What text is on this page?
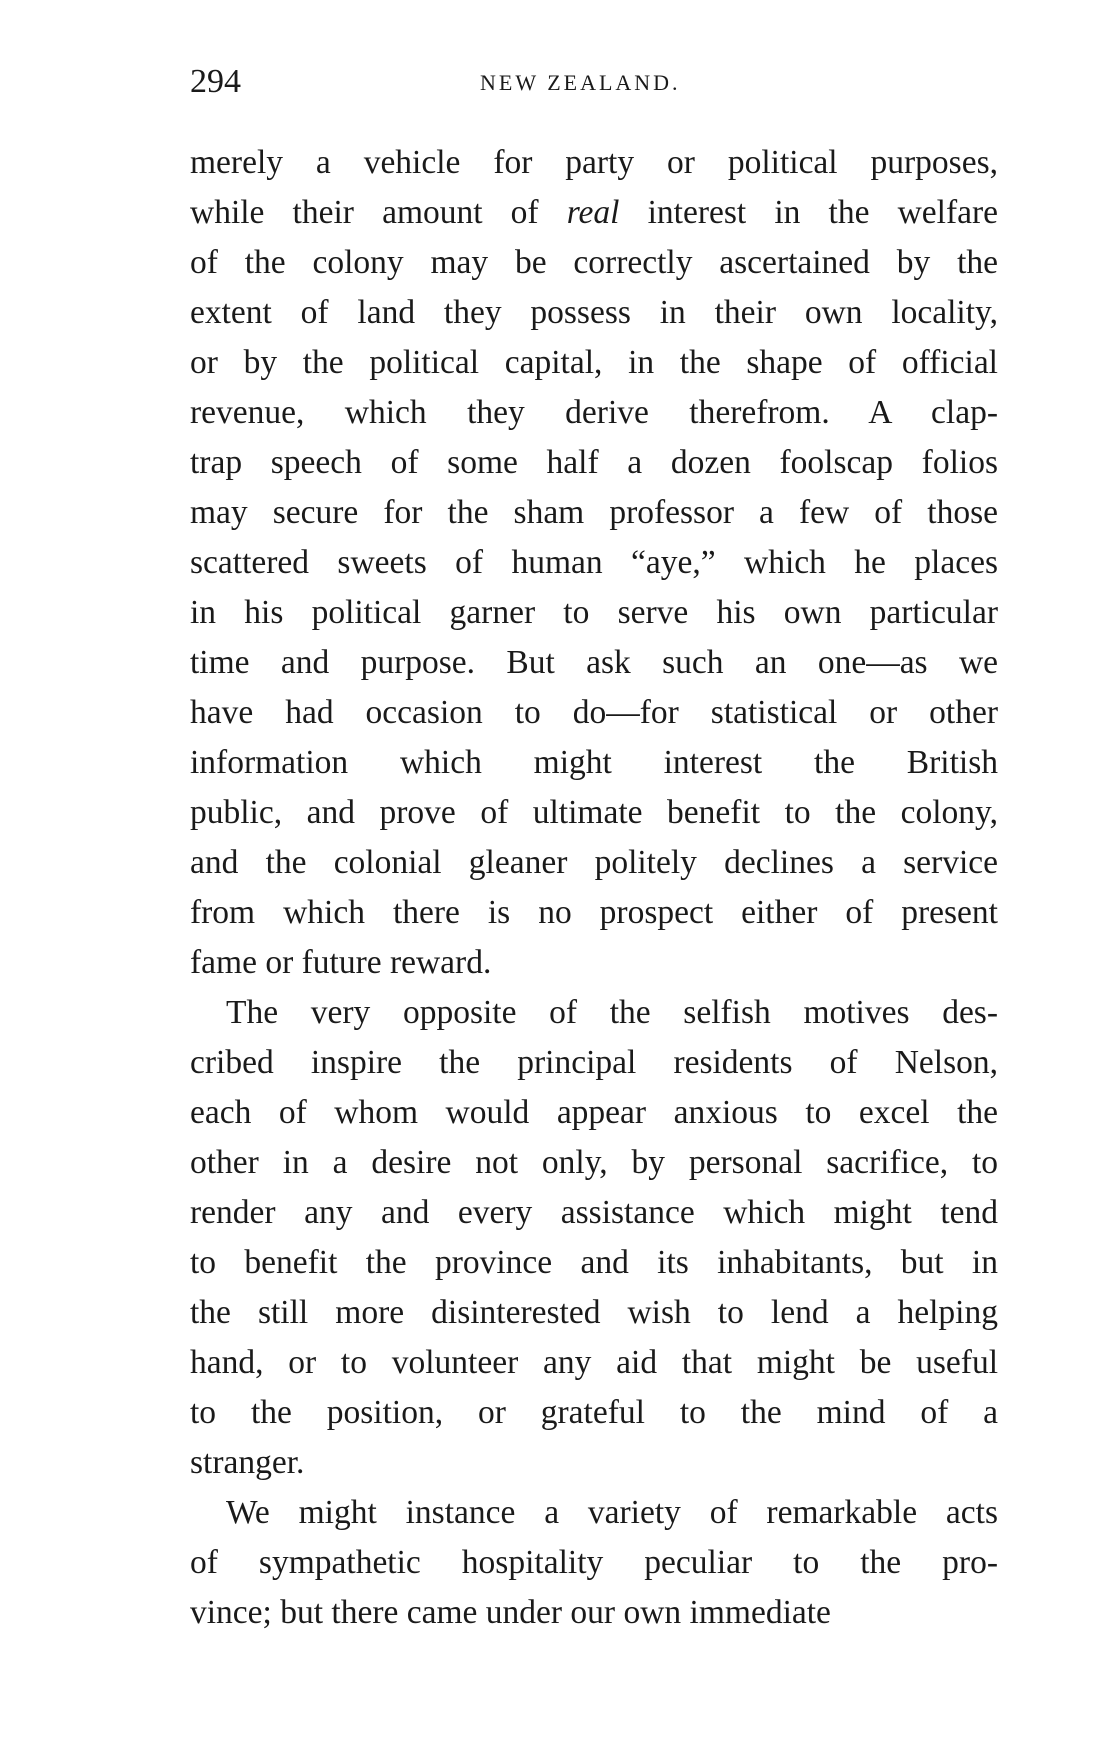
294	NEW ZEALAND.
merely a vehicle for party or political purposes,
while their amount of real interest in the welfare
of the colony may be correctly ascertained by the
extent of land they possess in their own locality,
or by the political capital, in the shape of official
revenue, which they derive therefrom. A clap-
trap speech of some half a dozen foolscap folios
may secure for the sham professor a few of those
scattered sweets of human “aye,” which he places
in his political garner to serve his own particular
time and purpose. But ask such an one—as we
have had occasion to do—for statistical or other
information which might interest the British
public, and prove of ultimate benefit to the colony,
and the colonial gleaner politely declines a service
from which there is no prospect either of present
fame or future reward.
The very opposite of the selfish motives des-
cribed inspire the principal residents of Nelson,
each of whom would appear anxious to excel the
other in a desire not only, by personal sacrifice, to
render any and every assistance which might tend
to benefit the province and its inhabitants, but in
the still more disinterested wish to lend a helping
hand, or to volunteer any aid that might be useful
to the position, or grateful to the mind of a
stranger.
We might instance a variety of remarkable acts
of sympathetic hospitality peculiar to the pro-
vince; but there came under our own immediate
